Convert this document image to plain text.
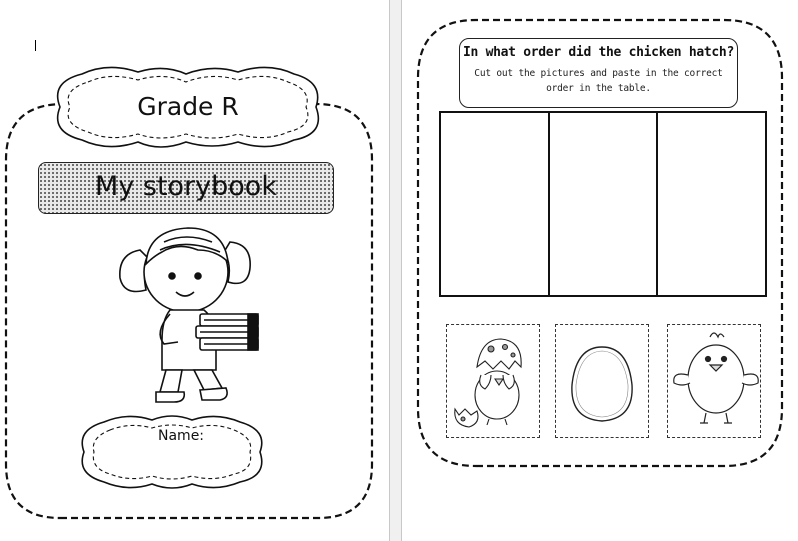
Grade R
My storybook
Name:
In what order did the chicken hatch?
Cut out the pictures and paste in the correct order in the table.
